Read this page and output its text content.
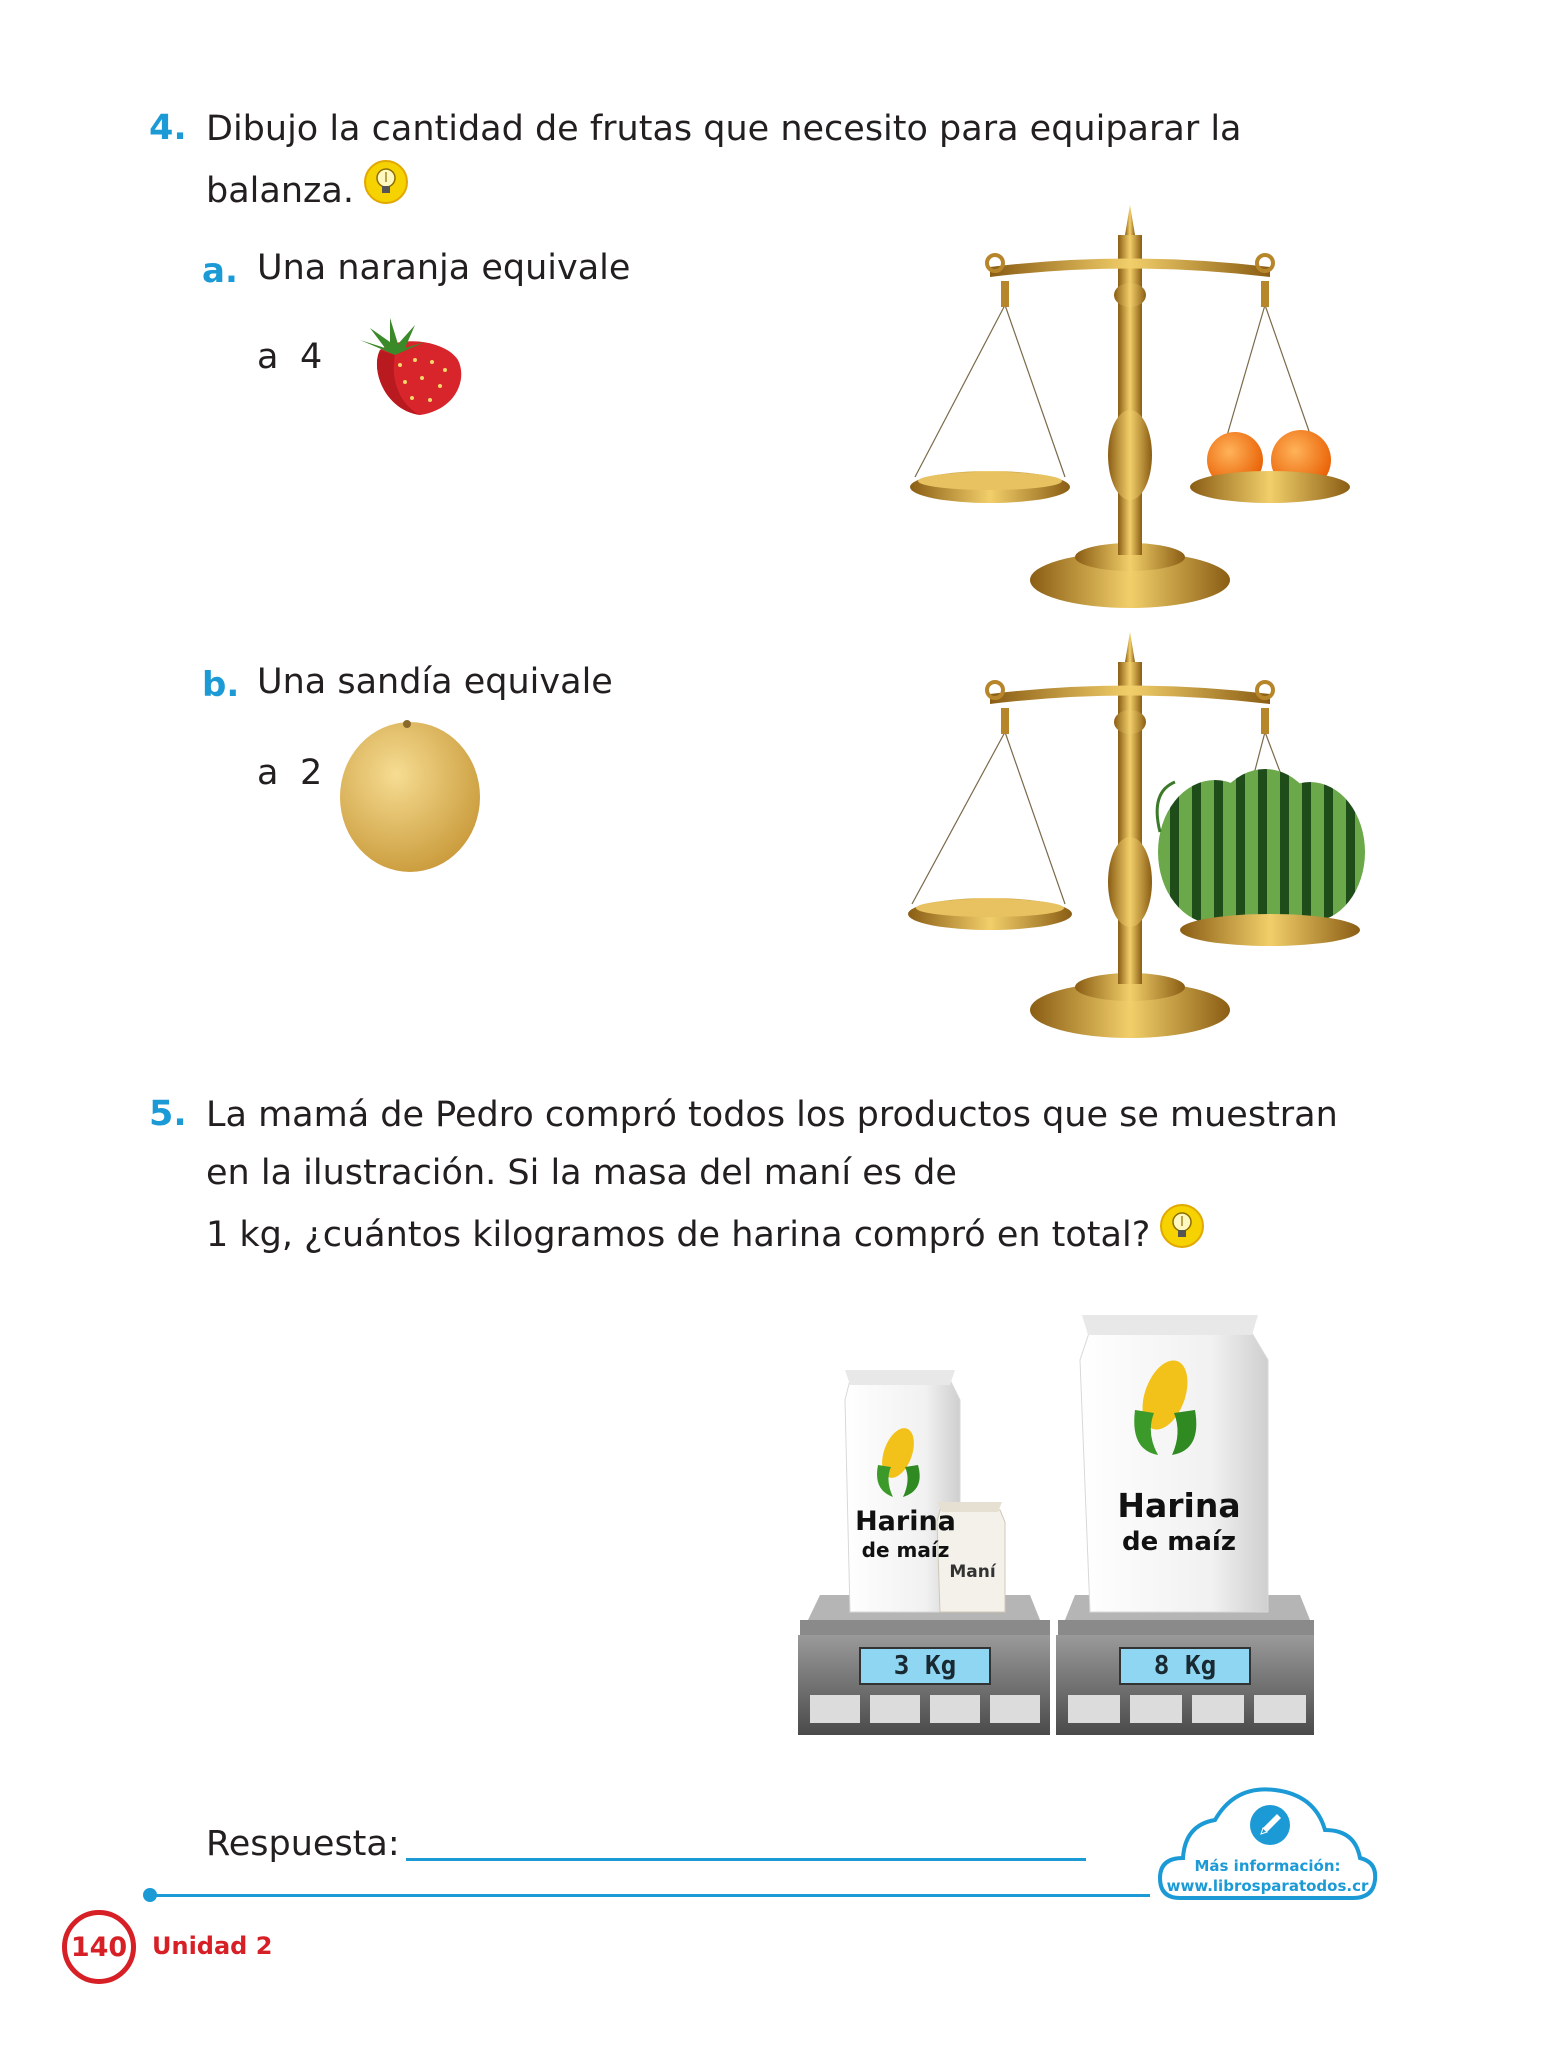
4. Dibujo la cantidad de frutas que necesito para equiparar la
balanza.
a. Una naranja equivale
a 4
b. Una sandía equivale
a 2
5. La mamá de Pedro compró todos los productos que se muestran
en la ilustración. Si la masa del maní es de
1 kg, ¿cuántos kilogramos de harina compró en total?
Harina
de maíz
Maní
3 Kg
Harina
de maíz
8 Kg
Respuesta:
Más información:
www.librosparatodos.cr
140 Unidad 2
